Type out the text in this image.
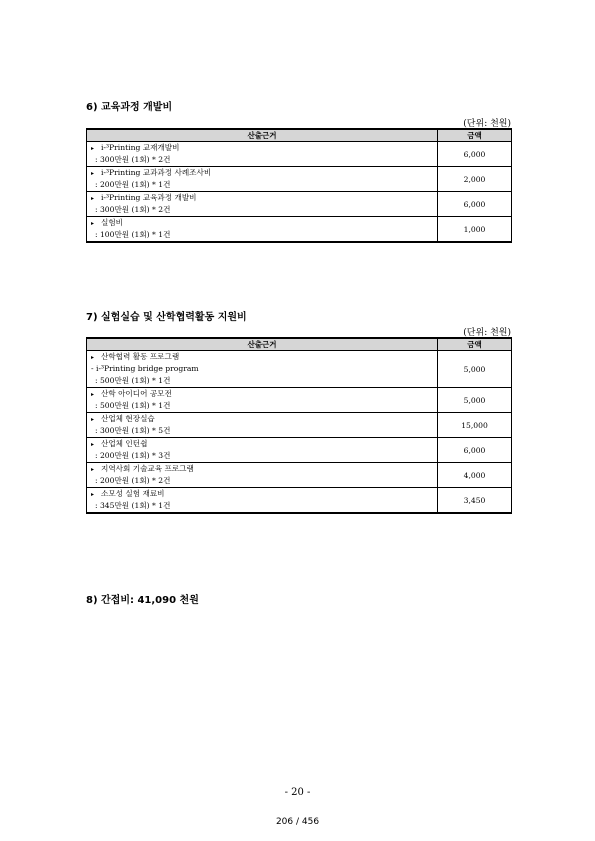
6) 교육과정 개발비
(단위: 천원)
산출근거	금액

▸ i-³Printing 교재개발비
: 300만원 (1회) * 2건	6,000

▸ i-³Printing 교과과정 사례조사비
: 200만원 (1회) * 1건	2,000

▸ i-³Printing 교육과정 개발비
: 300만원 (1회) * 2건	6,000

▸ 실험비
: 100만원 (1회) * 1건	1,000
7) 실험실습 및 산학협력활동 지원비
(단위: 천원)
산출근거	금액

▸ 산학협력 활동 프로그램
- i-³Printing bridge program
: 500만원 (1회) * 1건	5,000

▸ 산학 아이디어 공모전
: 500만원 (1회) * 1건	5,000

▸ 산업체 현장실습
: 300만원 (1회) * 5건	15,000

▸ 산업체 인턴쉽
: 200만원 (1회) * 3건	6,000

▸ 지역사회 기술교육 프로그램
: 200만원 (1회) * 2건	4,000

▸ 소모성 실험 재료비
: 345만원 (1회) * 1건	3,450
8) 간접비: 41,090 천원
- 20 -
206 / 456
